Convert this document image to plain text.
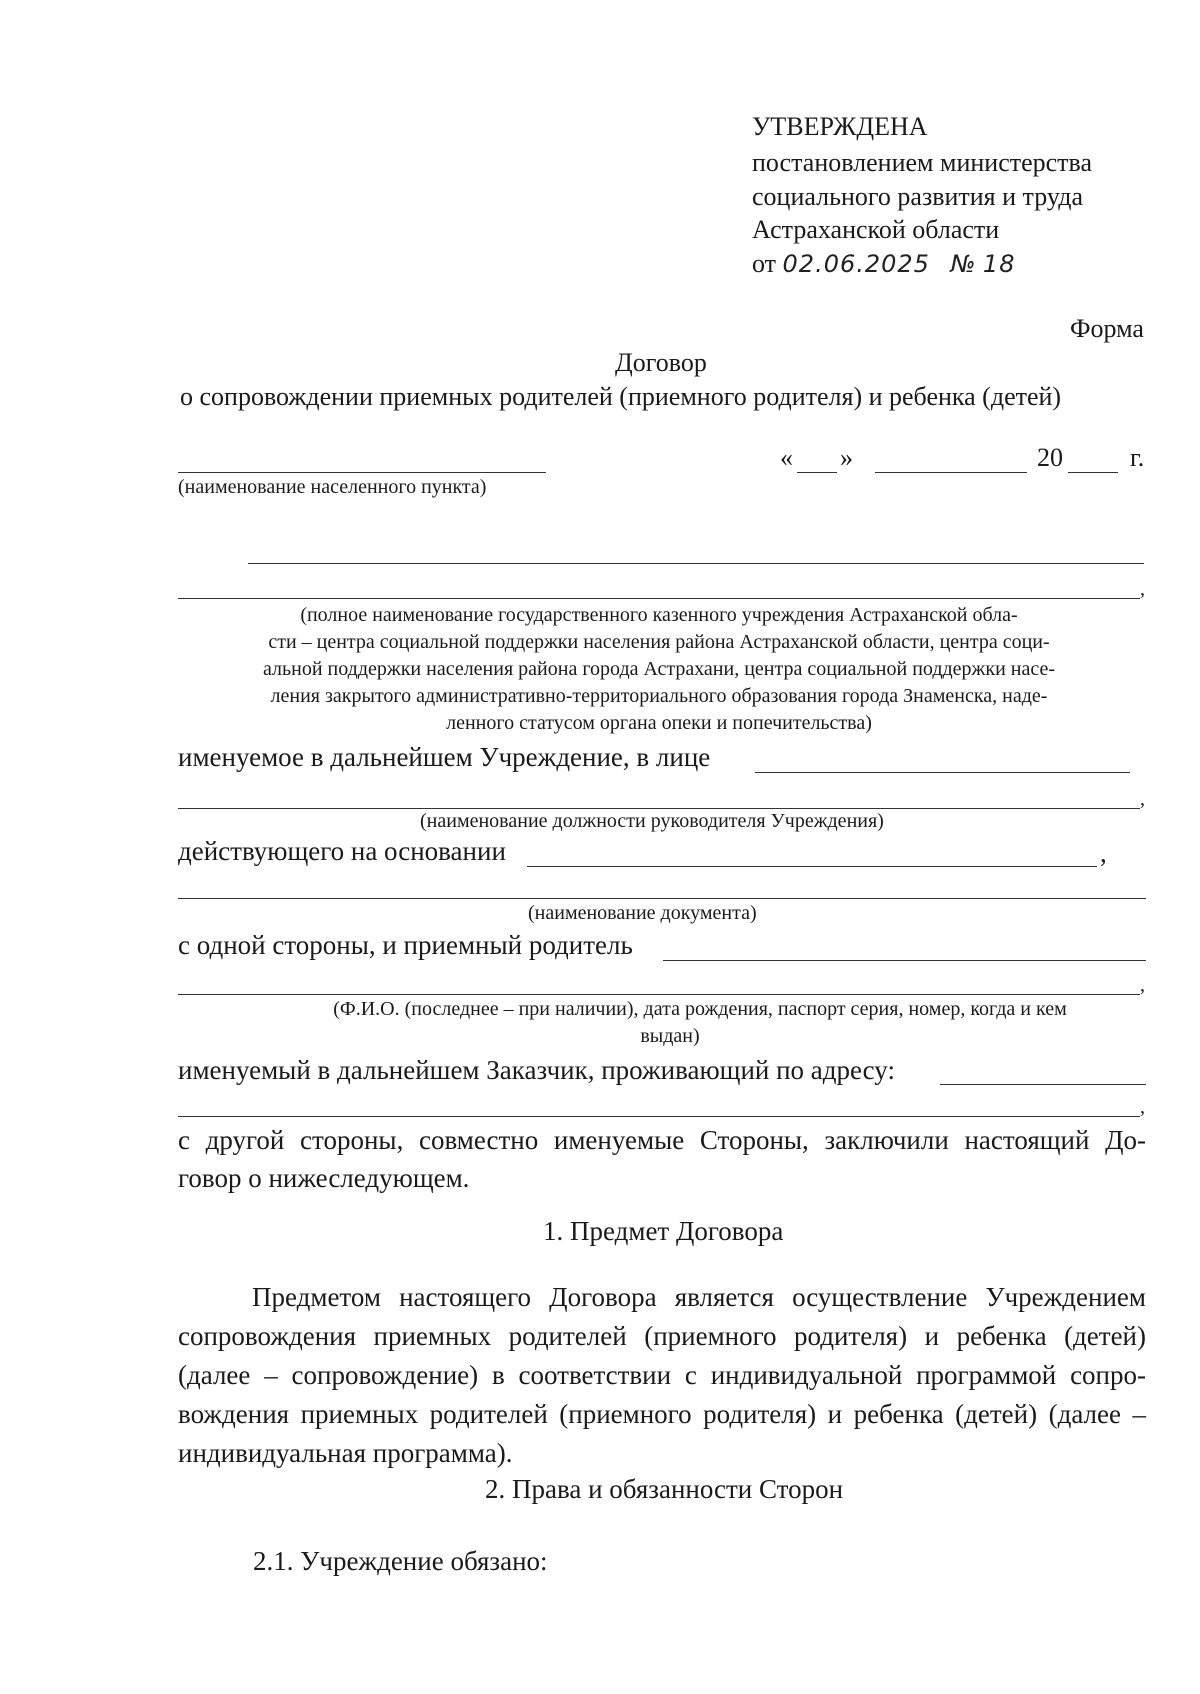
УТВЕРЖДЕНА
постановлением министерства
социального развития и труда
Астраханской области
от 02.06.2025 № 18
Форма
Договор
о сопровождении приемных родителей (приемного родителя) и ребенка (детей)
(наименование населенного пункта)
« »	20	г.
,
(полное наименование государственного казенного учреждения Астраханской обла-
сти – центра социальной поддержки населения района Астраханской области, центра соци-
альной поддержки населения района города Астрахани, центра социальной поддержки насе-
ления закрытого административно-территориального образования города Знаменска, наде-
ленного статусом органа опеки и попечительства)
именуемое в дальнейшем Учреждение, в лице
,
(наименование должности руководителя Учреждения)
действующего на основании	,
(наименование документа)
с одной стороны, и приемный родитель
,
(Ф.И.О. (последнее – при наличии), дата рождения, паспорт серия, номер, когда и кем
выдан)
именуемый в дальнейшем Заказчик, проживающий по адресу:
,
с другой стороны, совместно именуемые Стороны, заключили настоящий До-
говор о нижеследующем.
1. Предмет Договора
Предметом настоящего Договора является осуществление Учреждением
сопровождения приемных родителей (приемного родителя) и ребенка (детей)
(далее – сопровождение) в соответствии с индивидуальной программой сопро-
вождения приемных родителей (приемного родителя) и ребенка (детей) (далее –
индивидуальная программа).
2. Права и обязанности Сторон
2.1. Учреждение обязано:
